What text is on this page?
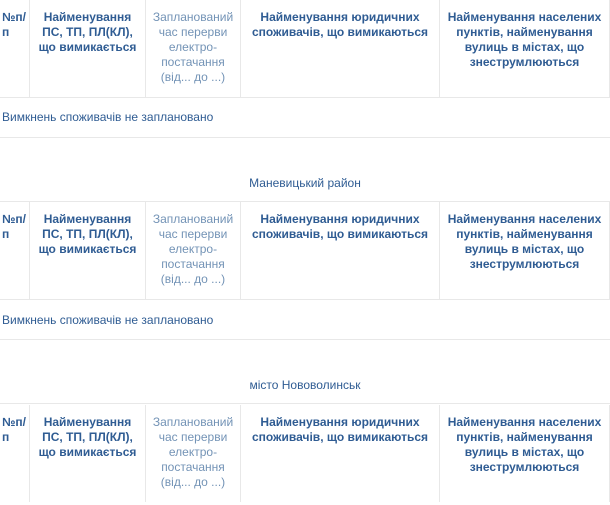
№п/п
Найменування ПС, ТП, ПЛ(КЛ), що вимикається
Запланований час перерви електро-постачання (від... до ...)
Найменування юридичних споживачів, що вимикаються
Найменування населених пунктів, найменування вулиць в містах, що знеструмлюються
Вимкнень споживачів не заплановано
Маневицький район
№п/п
Найменування ПС, ТП, ПЛ(КЛ), що вимикається
Запланований час перерви електро-постачання (від... до ...)
Найменування юридичних споживачів, що вимикаються
Найменування населених пунктів, найменування вулиць в містах, що знеструмлюються
Вимкнень споживачів не заплановано
місто Нововолинськ
№п/п
Найменування ПС, ТП, ПЛ(КЛ), що вимикається
Запланований час перерви електро-постачання (від... до ...)
Найменування юридичних споживачів, що вимикаються
Найменування населених пунктів, найменування вулиць в містах, що знеструмлюються
